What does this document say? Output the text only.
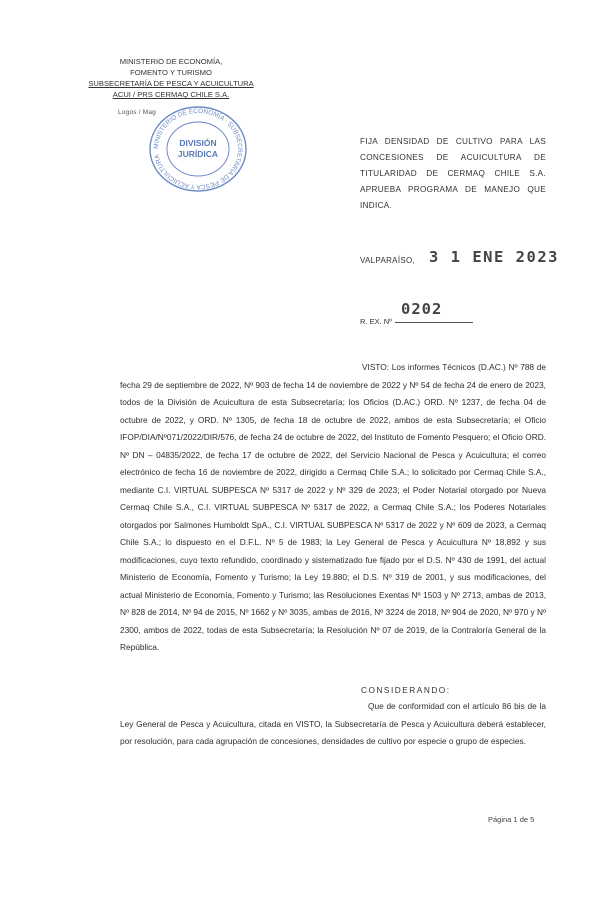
MINISTERIO DE ECONOMÍA,
FOMENTO Y TURISMO
SUBSECRETARÍA DE PESCA Y ACUICULTURA
ACUI / PRS CERMAQ CHILE S.A.
Logos / Mag
MINISTERIO DE ECONOMÍA · SUBSECRETARÍA DE PESCA Y ACUICULTURA
DIVISIÓN
JURÍDICA
FIJA DENSIDAD DE CULTIVO PARA LAS CONCESIONES DE ACUICULTURA DE TITULARIDAD DE CERMAQ CHILE S.A. APRUEBA PROGRAMA DE MANEJO QUE INDICA.
VALPARAÍSO, 3 1 ENE 2023
R. EX. Nº
0202
VISTO: Los informes Técnicos (D.AC.) Nº 788 de fecha 29 de septiembre de 2022, Nº 903 de fecha 14 de noviembre de 2022 y Nº 54 de fecha 24 de enero de 2023, todos de la División de Acuicultura de esta Subsecretaría; los Oficios (D.AC.) ORD. Nº 1237, de fecha 04 de octubre de 2022, y ORD. Nº 1305, de fecha 18 de octubre de 2022, ambos de esta Subsecretaría; el Oficio IFOP/DIA/Nº071/2022/DIR/576, de fecha 24 de octubre de 2022, del Instituto de Fomento Pesquero; el Oficio ORD. Nº DN – 04835/2022, de fecha 17 de octubre de 2022, del Servicio Nacional de Pesca y Acuicultura; el correo electrónico de fecha 16 de noviembre de 2022, dirigido a Cermaq Chile S.A.; lo solicitado por Cermaq Chile S.A., mediante C.I. VIRTUAL SUBPESCA Nº 5317 de 2022 y Nº 329 de 2023; el Poder Notarial otorgado por Nueva Cermaq Chile S.A., C.I. VIRTUAL SUBPESCA Nº 5317 de 2022, a Cermaq Chile S.A.; los Poderes Notariales otorgados por Salmones Humboldt SpA., C.I. VIRTUAL SUBPESCA Nº 5317 de 2022 y Nº 609 de 2023, a Cermaq Chile S.A.; lo dispuesto en el D.F.L. Nº 5 de 1983; la Ley General de Pesca y Acuicultura Nº 18.892 y sus modificaciones, cuyo texto refundido, coordinado y sistematizado fue fijado por el D.S. Nº 430 de 1991, del actual Ministerio de Economía, Fomento y Turismo; la Ley 19.880; el D.S. Nº 319 de 2001, y sus modificaciones, del actual Ministerio de Economía, Fomento y Turismo; las Resoluciones Exentas Nº 1503 y Nº 2713, ambas de 2013, Nº 828 de 2014, Nº 94 de 2015, Nº 1662 y Nº 3035, ambas de 2016, Nº 3224 de 2018, Nº 904 de 2020, Nº 970 y Nº 2300, ambos de 2022, todas de esta Subsecretaría; la Resolución Nº 07 de 2019, de la Contraloría General de la República.
CONSIDERANDO:
Que de conformidad con el artículo 86 bis de la Ley General de Pesca y Acuicultura, citada en VISTO, la Subsecretaría de Pesca y Acuicultura deberá establecer, por resolución, para cada agrupación de concesiones, densidades de cultivo por especie o grupo de especies.
Página 1 de 5
